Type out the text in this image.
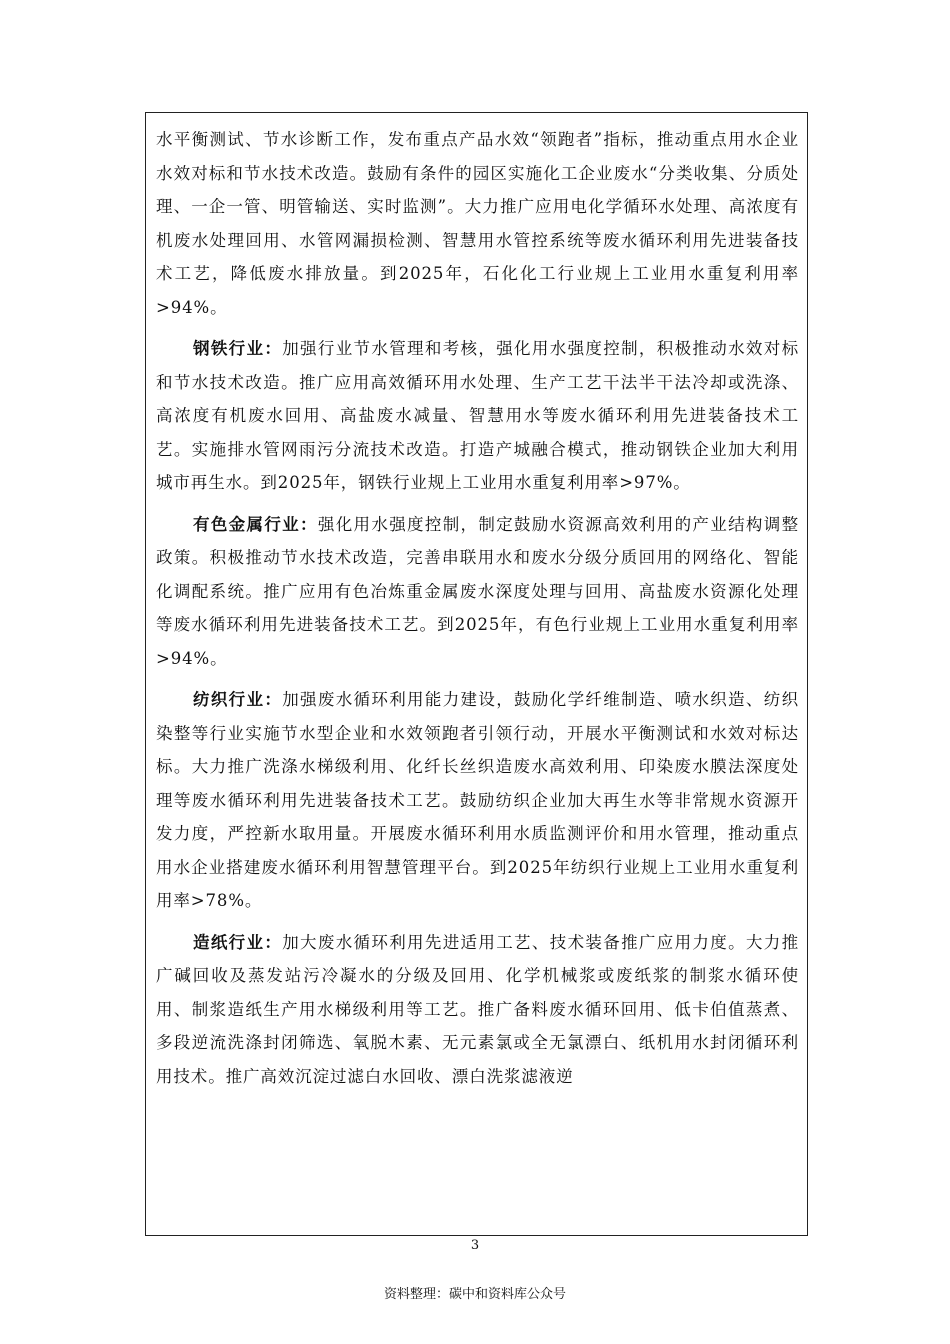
水平衡测试、节水诊断工作，发布重点产品水效“领跑者”指标，推动重点用水企业水效对标和节水技术改造。鼓励有条件的园区实施化工企业废水“分类收集、分质处理、一企一管、明管输送、实时监测”。大力推广应用电化学循环水处理、高浓度有机废水处理回用、水管网漏损检测、智慧用水管控系统等废水循环利用先进装备技术工艺，降低废水排放量。到2025年，石化化工行业规上工业用水重复利用率>94%。

钢铁行业：加强行业节水管理和考核，强化用水强度控制，积极推动水效对标和节水技术改造。推广应用高效循环用水处理、生产工艺干法半干法冷却或洗涤、高浓度有机废水回用、高盐废水减量、智慧用水等废水循环利用先进装备技术工艺。实施排水管网雨污分流技术改造。打造产城融合模式，推动钢铁企业加大利用城市再生水。到2025年，钢铁行业规上工业用水重复利用率>97%。

有色金属行业：强化用水强度控制，制定鼓励水资源高效利用的产业结构调整政策。积极推动节水技术改造，完善串联用水和废水分级分质回用的网络化、智能化调配系统。推广应用有色冶炼重金属废水深度处理与回用、高盐废水资源化处理等废水循环利用先进装备技术工艺。到2025年，有色行业规上工业用水重复利用率>94%。

纺织行业：加强废水循环利用能力建设，鼓励化学纤维制造、喷水织造、纺织染整等行业实施节水型企业和水效领跑者引领行动，开展水平衡测试和水效对标达标。大力推广洗涤水梯级利用、化纤长丝织造废水高效利用、印染废水膜法深度处理等废水循环利用先进装备技术工艺。鼓励纺织企业加大再生水等非常规水资源开发力度，严控新水取用量。开展废水循环利用水质监测评价和用水管理，推动重点用水企业搭建废水循环利用智慧管理平台。到2025年纺织行业规上工业用水重复利用率>78%。

造纸行业：加大废水循环利用先进适用工艺、技术装备推广应用力度。大力推广碱回收及蒸发站污冷凝水的分级及回用、化学机械浆或废纸浆的制浆水循环使用、制浆造纸生产用水梯级利用等工艺。推广备料废水循环回用、低卡伯值蒸煮、多段逆流洗涤封闭筛选、氧脱木素、无元素氯或全无氯漂白、纸机用水封闭循环利用技术。推广高效沉淀过滤白水回收、漂白洗浆滤液逆

3
资料整理：碳中和资料库公众号
